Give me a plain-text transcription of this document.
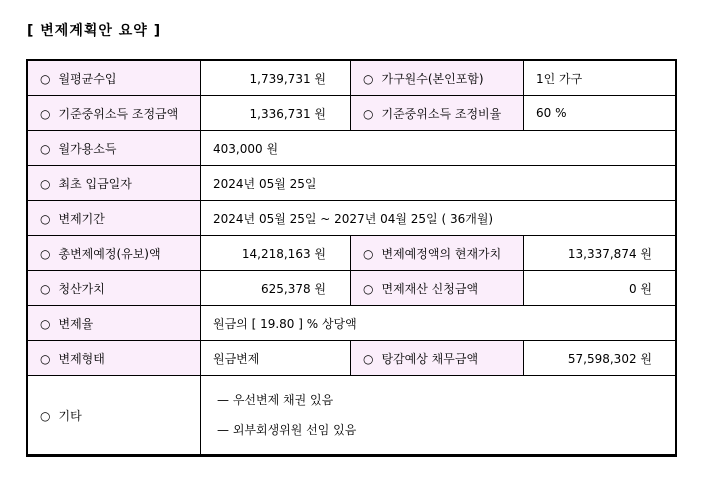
[ 변제계획안 요약 ]
○ 월평균수입	1,739,731 원	○ 가구원수(본인포함)	1인 가구
○ 기준중위소득 조정금액	1,336,731 원	○ 기준중위소득 조정비율	60 %
○ 월가용소득	403,000 원		
○ 최초 입금일자	2024년 05월 25일		
○ 변제기간	2024년 05월 25일 ~ 2027년 04월 25일 ( 36개월)		
○ 총변제예정(유보)액	14,218,163 원	○ 변제예정액의 현재가치	13,337,874 원
○ 청산가치	625,378 원	○ 면제재산 신청금액	0 원
○ 변제율	원금의 [ 19.80 ] % 상당액		
○ 변제형태	원금변제	○ 탕감예상 채무금액	57,598,302 원
○ 기타	— 우선변제 채권 있음
— 외부회생위원 선임 있음		
